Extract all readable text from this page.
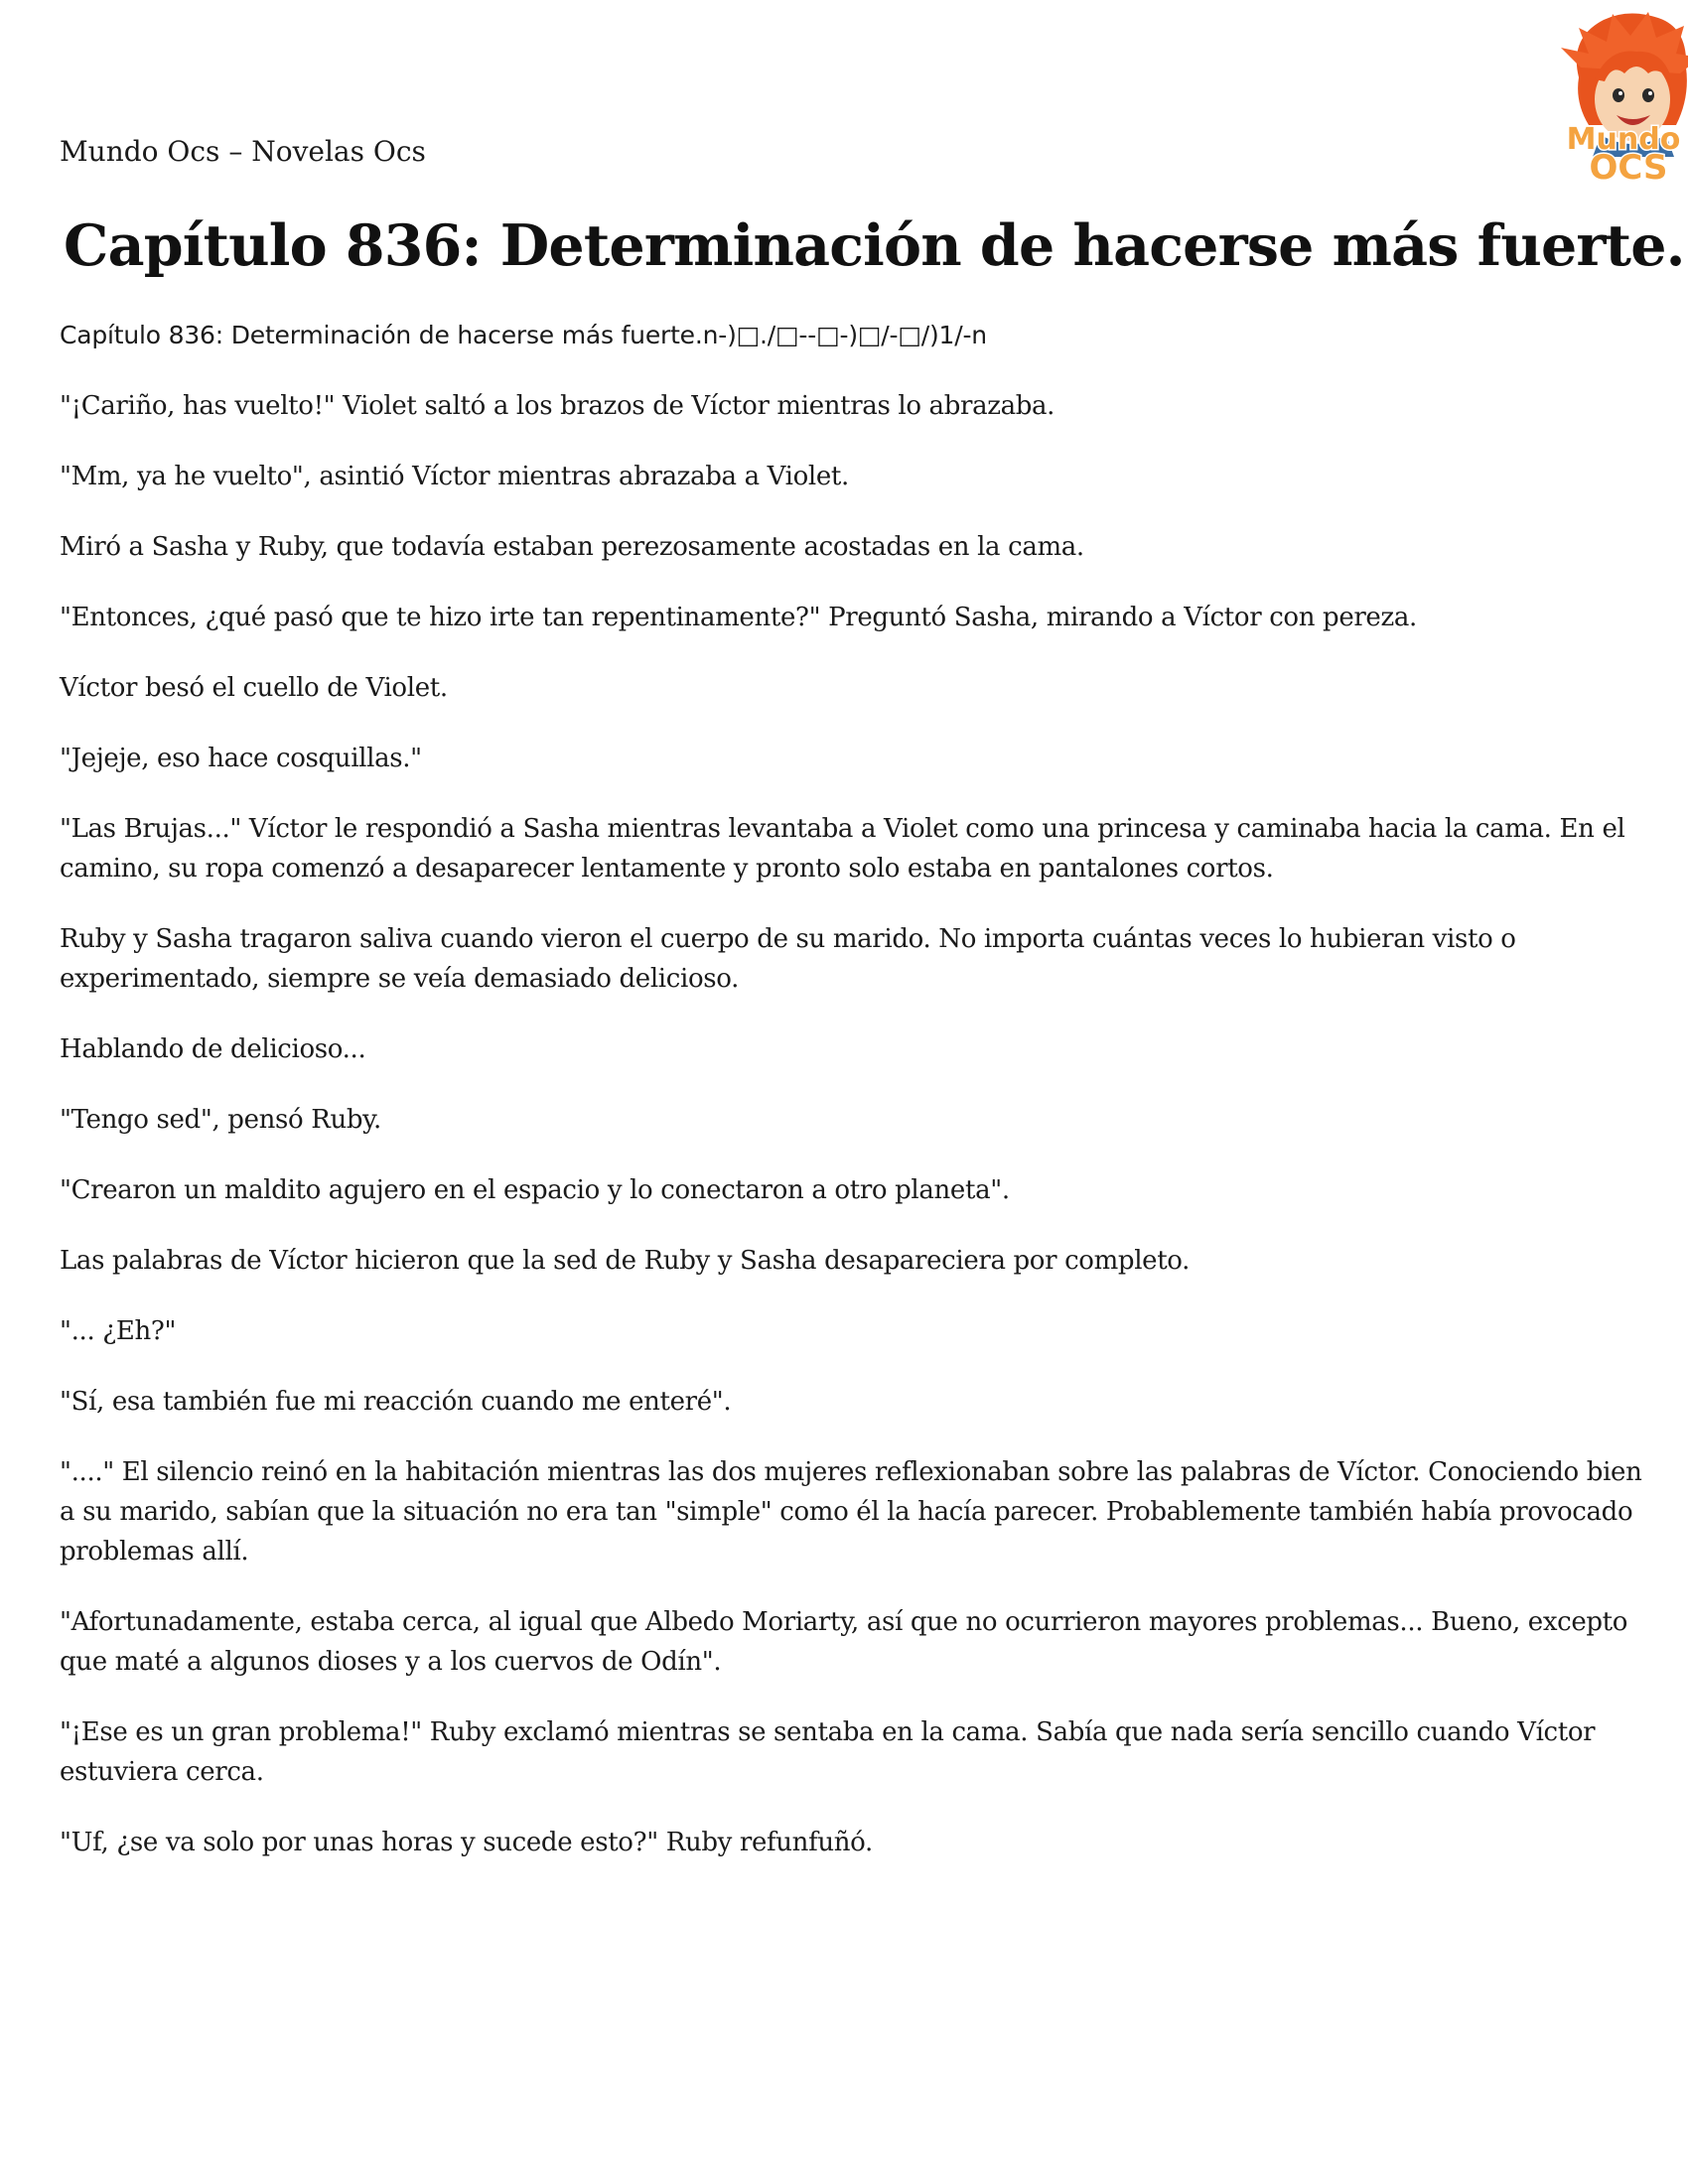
Mundo Ocs – Novelas Ocs	Mundo
OCS
Capítulo 836: Determinación de hacerse más fuerte.

Capítulo 836: Determinación de hacerse más fuerte.n-)□./□--□-)□/-□/)1/-n

"¡Cariño, has vuelto!" Violet saltó a los brazos de Víctor mientras lo abrazaba.

"Mm, ya he vuelto", asintió Víctor mientras abrazaba a Violet.

Miró a Sasha y Ruby, que todavía estaban perezosamente acostadas en la cama.

"Entonces, ¿qué pasó que te hizo irte tan repentinamente?" Preguntó Sasha, mirando a Víctor con pereza.

Víctor besó el cuello de Violet.

"Jejeje, eso hace cosquillas."

"Las Brujas..." Víctor le respondió a Sasha mientras levantaba a Violet como una princesa y caminaba hacia la cama. En el camino, su ropa comenzó a desaparecer lentamente y pronto solo estaba en pantalones cortos.

Ruby y Sasha tragaron saliva cuando vieron el cuerpo de su marido. No importa cuántas veces lo hubieran visto o experimentado, siempre se veía demasiado delicioso.

Hablando de delicioso...

"Tengo sed", pensó Ruby.

"Crearon un maldito agujero en el espacio y lo conectaron a otro planeta".

Las palabras de Víctor hicieron que la sed de Ruby y Sasha desapareciera por completo.

"... ¿Eh?"

"Sí, esa también fue mi reacción cuando me enteré".

"...." El silencio reinó en la habitación mientras las dos mujeres reflexionaban sobre las palabras de Víctor. Conociendo bien a su marido, sabían que la situación no era tan "simple" como él la hacía parecer. Probablemente también había provocado problemas allí.

"Afortunadamente, estaba cerca, al igual que Albedo Moriarty, así que no ocurrieron mayores problemas... Bueno, excepto que maté a algunos dioses y a los cuervos de Odín".

"¡Ese es un gran problema!" Ruby exclamó mientras se sentaba en la cama. Sabía que nada sería sencillo cuando Víctor estuviera cerca.

"Uf, ¿se va solo por unas horas y sucede esto?" Ruby refunfuñó.
